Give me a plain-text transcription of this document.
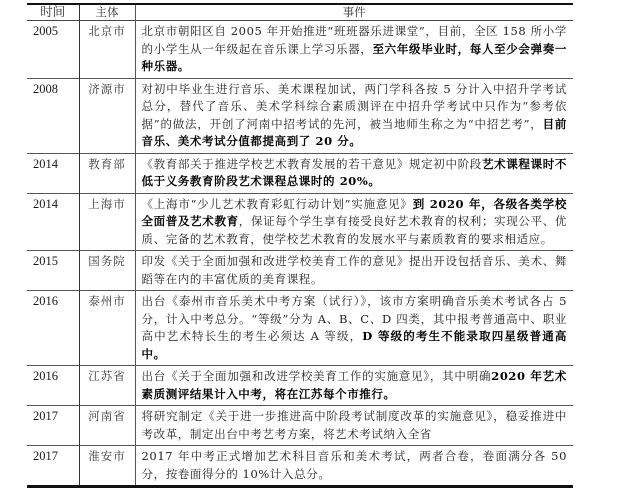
时间	主体	事件
2005	北京市	北京市朝阳区自 2005 年开始推进“班班器乐进课堂”，目前，全区 158 所小学的小学生从一年级起在音乐课上学习乐器，至六年级毕业时，每人至少会弹奏一种乐器。
2008	济源市	对初中毕业生进行音乐、美术课程加试，两门学科各按 5 分计入中招升学考试总分，替代了音乐、美术学科综合素质测评在中招升学考试中只作为“参考依据”的做法，开创了河南中招考试的先河，被当地师生称之为“中招艺考”，目前音乐、美术考试分值都提高到了 20 分。
2014	教育部	《教育部关于推进学校艺术教育发展的若干意见》规定初中阶段艺术课程课时不低于义务教育阶段艺术课程总课时的 20%。
2014	上海市	《上海市“少儿艺术教育彩虹行动计划”实施意见》到 2020 年，各级各类学校全面普及艺术教育，保证每个学生享有接受良好艺术教育的权利；实现公平、优质、完备的艺术教育，使学校艺术教育的发展水平与素质教育的要求相适应。
2015	国务院	印发《关于全面加强和改进学校美育工作的意见》提出开设包括音乐、美术、舞蹈等在内的丰富优质的美育课程。
2016	泰州市	出台《泰州市音乐美术中考方案（试行）》，该市方案明确音乐美术考试各占 5 分，计入中考总分。“等级”分为 A、B、C、D 四类，其中报考普通高中、职业高中艺术特长生的考生必须达 A 等级，D 等级的考生不能录取四星级普通高中。
2016	江苏省	出台《关于全面加强和改进学校美育工作的实施意见》，其中明确2020 年艺术素质测评结果计入中考，将在江苏每个市推行。
2017	河南省	将研究制定《关于进一步推进高中阶段考试制度改革的实施意见》，稳妥推进中考改革，制定出台中考艺考方案，将艺术考试纳入全省
2017	淮安市	2017 年中考正式增加艺术科目音乐和美术考试，两者合卷，卷面满分各 50 分，按卷面得分的 10%计入总分。
